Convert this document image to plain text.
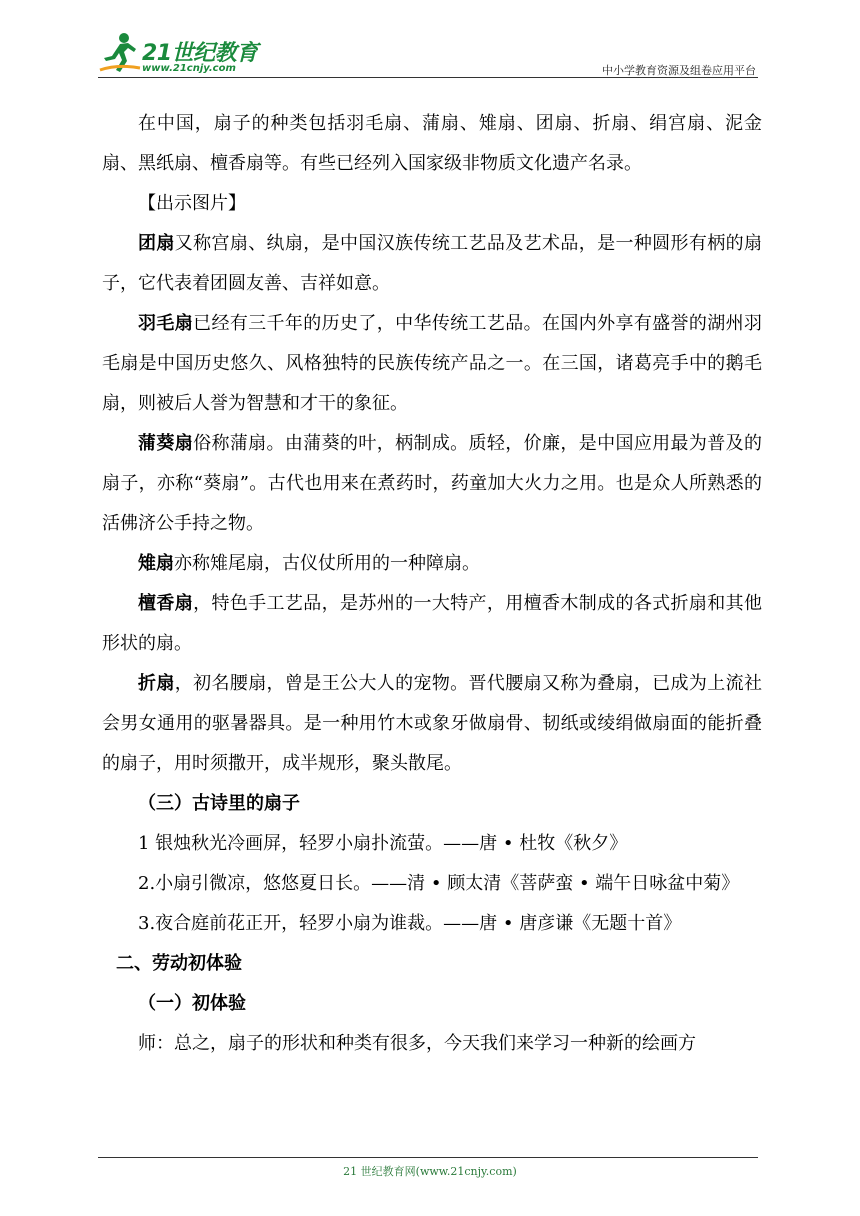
21世纪教育
www.21cnjy.com	中小学教育资源及组卷应用平台

在中国，扇子的种类包括羽毛扇、蒲扇、雉扇、团扇、折扇、绢宫扇、泥金扇、黑纸扇、檀香扇等。有些已经列入国家级非物质文化遗产名录。

【出示图片】

团扇又称宫扇、纨扇，是中国汉族传统工艺品及艺术品，是一种圆形有柄的扇子，它代表着团圆友善、吉祥如意。

羽毛扇已经有三千年的历史了，中华传统工艺品。在国内外享有盛誉的湖州羽毛扇是中国历史悠久、风格独特的民族传统产品之一。在三国，诸葛亮手中的鹅毛扇，则被后人誉为智慧和才干的象征。

蒲葵扇俗称蒲扇。由蒲葵的叶，柄制成。质轻，价廉，是中国应用最为普及的扇子，亦称“葵扇”。古代也用来在煮药时，药童加大火力之用。也是众人所熟悉的活佛济公手持之物。

雉扇亦称雉尾扇，古仪仗所用的一种障扇。

檀香扇，特色手工艺品，是苏州的一大特产，用檀香木制成的各式折扇和其他形状的扇。

折扇，初名腰扇，曾是王公大人的宠物。晋代腰扇又称为叠扇，已成为上流社会男女通用的驱暑器具。是一种用竹木或象牙做扇骨、韧纸或绫绢做扇面的能折叠的扇子，用时须撒开，成半规形，聚头散尾。

（三）古诗里的扇子

1 银烛秋光冷画屏，轻罗小扇扑流萤。——唐 • 杜牧《秋夕》

2.小扇引微凉，悠悠夏日长。——清 • 顾太清《菩萨蛮 • 端午日咏盆中菊》

3.夜合庭前花正开，轻罗小扇为谁裁。——唐 • 唐彦谦《无题十首》

二、劳动初体验

（一）初体验

师：总之，扇子的形状和种类有很多，今天我们来学习一种新的绘画方

21 世纪教育网(www.21cnjy.com)
